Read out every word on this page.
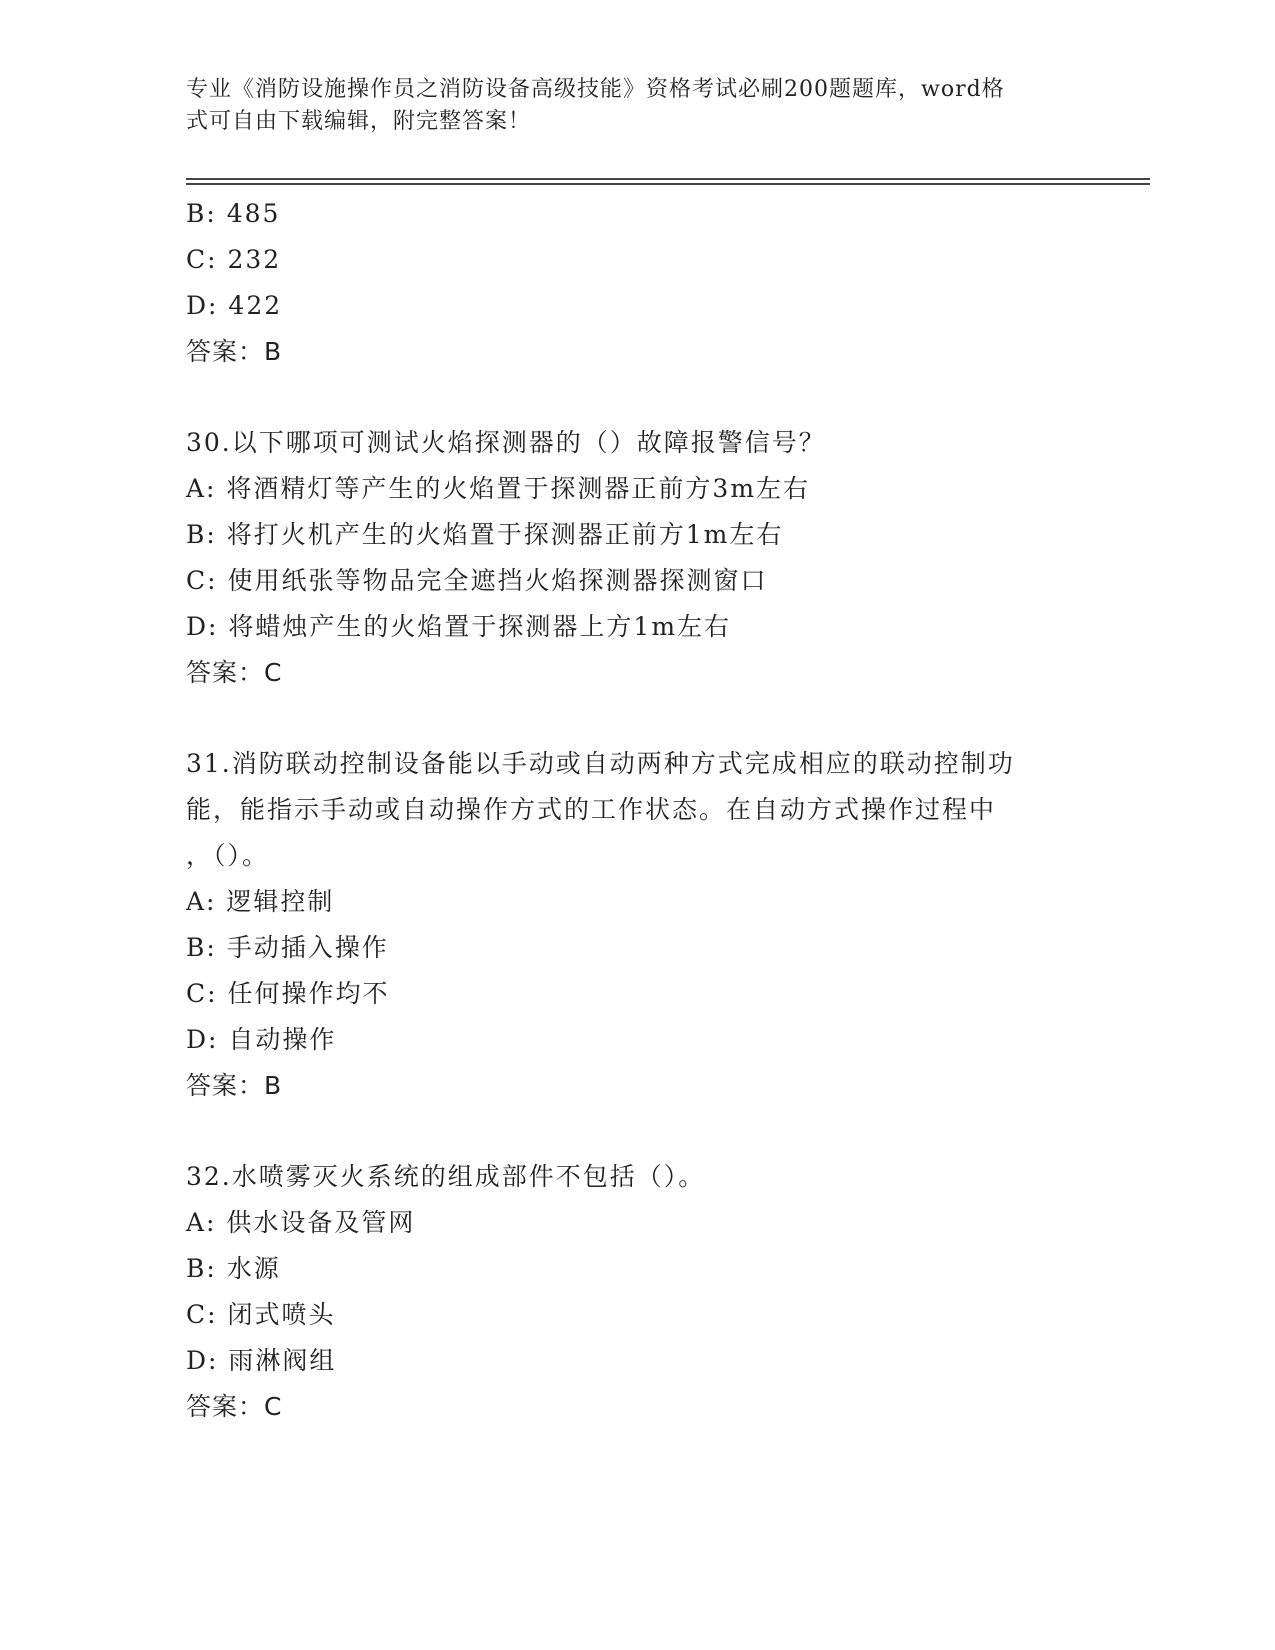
专业《消防设施操作员之消防设备高级技能》资格考试必刷200题题库，word格
式可自由下载编辑，附完整答案！
B: 485
C: 232
D: 422
答案：B
30.以下哪项可测试火焰探测器的（）故障报警信号？
A: 将酒精灯等产生的火焰置于探测器正前方3m左右
B: 将打火机产生的火焰置于探测器正前方1m左右
C: 使用纸张等物品完全遮挡火焰探测器探测窗口
D: 将蜡烛产生的火焰置于探测器上方1m左右
答案：C
31.消防联动控制设备能以手动或自动两种方式完成相应的联动控制功
能，能指示手动或自动操作方式的工作状态。在自动方式操作过程中
，（）。
A: 逻辑控制
B: 手动插入操作
C: 任何操作均不
D: 自动操作
答案：B
32.水喷雾灭火系统的组成部件不包括（）。
A: 供水设备及管网
B: 水源
C: 闭式喷头
D: 雨淋阀组
答案：C
